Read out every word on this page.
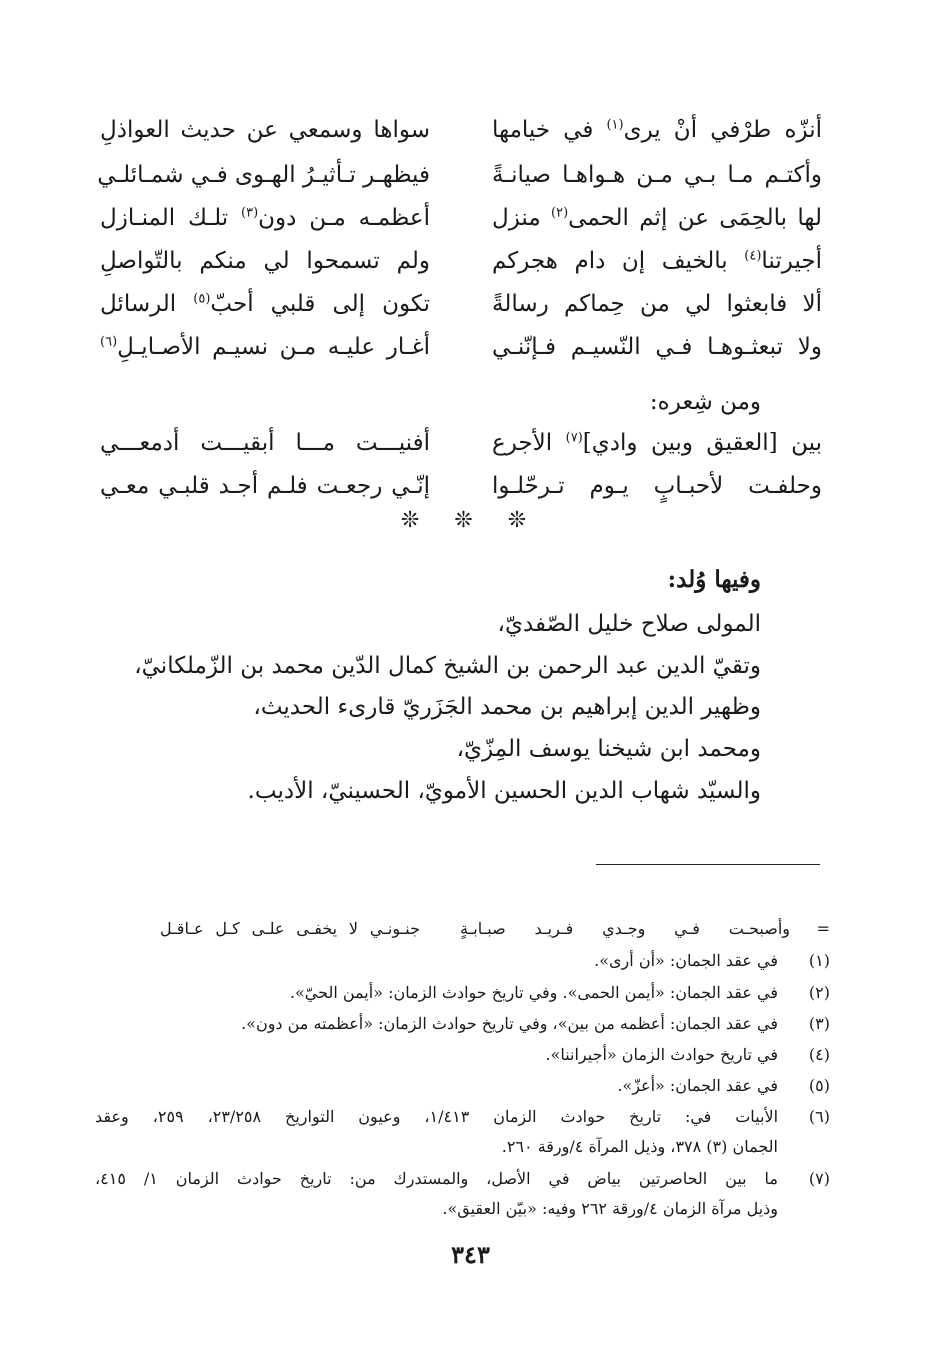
أنزّه طرْفي أنْ يرى$^{(١)}$ في خيامها
سواها وسمعي عن حديث العواذلِ
وأكتـم مـا بـي مـن هـواهـا صيانـةً
فيظهـر تـأثيـرُ الهـوى فـي شمـائلـي
لها بالحِمَى عن إثم الحمى$^{(٢)}$ منزل
أعظمـه مـن دون$^{(٣)}$ تلـك المنـازل
أجيرتنا$^{(٤)}$ بالخيف إن دام هجركم
ولم تسمحوا لي منكم بالتّواصلِ
ألا فابعثوا لي من حِماكم رسالةً
تكون إلى قلبي أحبّ$^{(٥)}$ الرسائل
ولا تبعثـوهـا فـي النّسيـم فـإنّنـي
أغـار عليـه مـن نسيـم الأصـايـلِ$^{(٦)}$
ومن شِعره:
بين [العقيق وبين وادي]$^{(٧)}$ الأجرع
أفنيـــت مـــا أبقيـــت أدمعـــي
وحلفـت لأحبـابٍ يـوم تـرحّلـوا
إنّـي رجعـت فلـم أجـد قلبـي معـي
❊ ❊ ❊
وفيها وُلد:
المولى صلاح خليل الصّفديّ،
وتقيّ الدين عبد الرحمن بن الشيخ كمال الدّين محمد بن الزّملكانيّ،
وظهير الدين إبراهيم بن محمد الجَزَريّ قارىء الحديث،
ومحمد ابن شيخنا يوسف المِزّيّ،
والسيّد شهاب الدين الحسين الأمويّ، الحسينيّ، الأديب.
=
وأصبحـت فـي وجـدي فـريـد صبـابـةٍ
جنـونـي لا يخفـى علـى كـل عـاقـل
(١)
في عقد الجمان: «أن أرى».
(٢)
في عقد الجمان: «أيمن الحمى». وفي تاريخ حوادث الزمان: «أيمن الحيّ».
(٣)
في عقد الجمان: أعظمه من بين»، وفي تاريخ حوادث الزمان: «أعظمته من دون».
(٤)
في تاريخ حوادث الزمان «أجيراننا».
(٥)
في عقد الجمان: «أعزّ».
(٦)
الأبيات في: تاريخ حوادث الزمان ١/٤١٣، وعيون التواريخ ٢٣/٢٥٨، ٢٥٩، وعقد
الجمان (٣) ٣٧٨، وذيل المرآة ٤/ورقة ٢٦٠.
(٧)
ما بين الحاصرتين بياض في الأصل، والمستدرك من: تاريخ حوادث الزمان ١/ ٤١٥،
وذيل مرآة الزمان ٤/ورقة ٢٦٢ وفيه: «بيّن العقيق».
٣٤٣
